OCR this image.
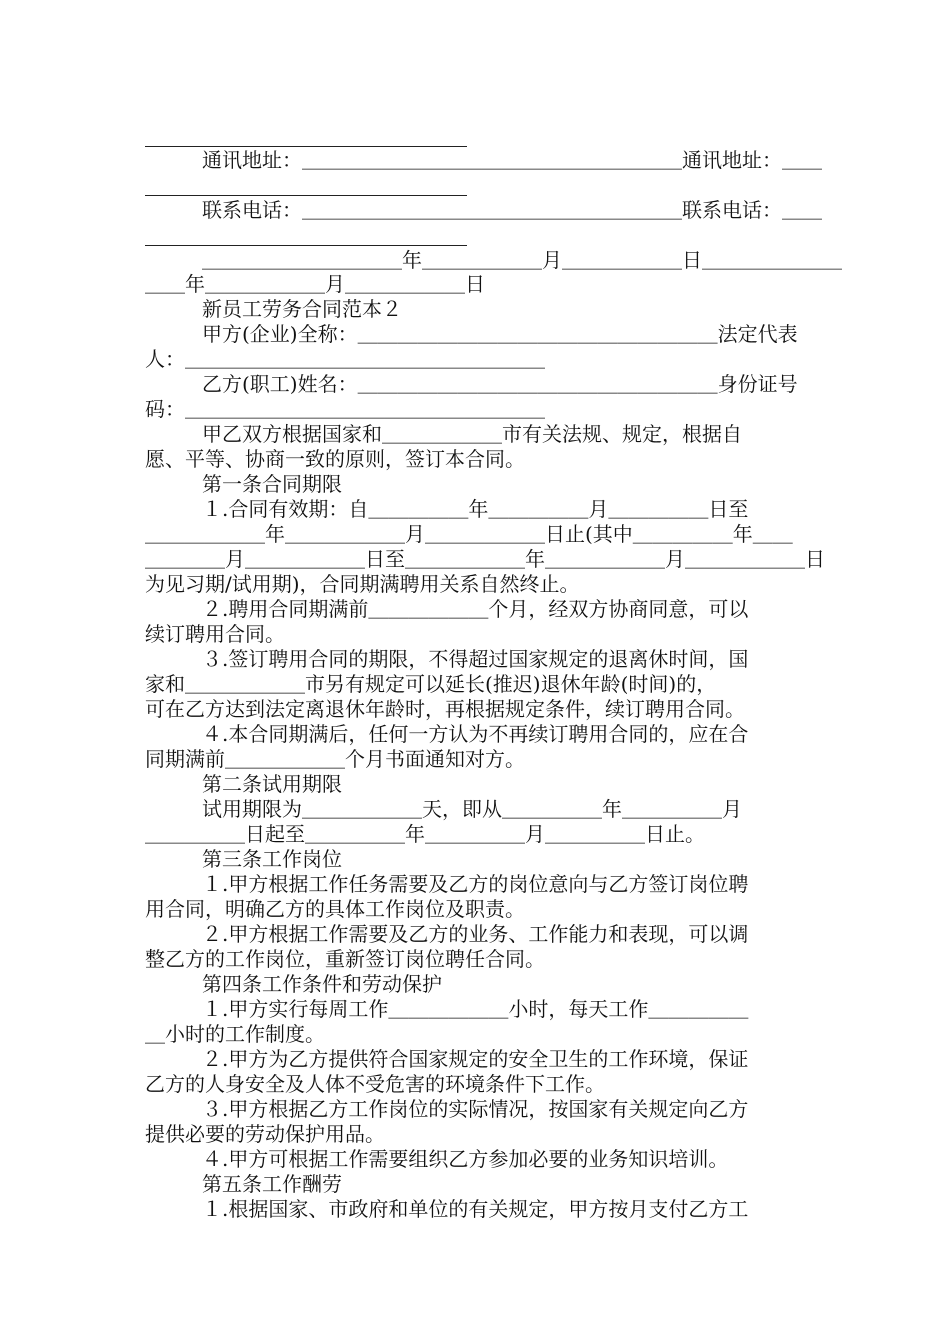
通讯地址：＿＿＿＿＿＿＿＿＿＿＿＿＿＿＿＿＿＿＿通讯地址：＿＿
联系电话：＿＿＿＿＿＿＿＿＿＿＿＿＿＿＿＿＿＿＿联系电话：＿＿
＿＿＿＿＿＿＿＿＿＿年＿＿＿＿＿＿月＿＿＿＿＿＿日＿＿＿＿＿＿＿
＿＿年＿＿＿＿＿＿月＿＿＿＿＿＿日
新员工劳务合同范本２
甲方(企业)全称：＿＿＿＿＿＿＿＿＿＿＿＿＿＿＿＿＿＿法定代表
人：＿＿＿＿＿＿＿＿＿＿＿＿＿＿＿＿＿＿
乙方(职工)姓名：＿＿＿＿＿＿＿＿＿＿＿＿＿＿＿＿＿＿身份证号
码：＿＿＿＿＿＿＿＿＿＿＿＿＿＿＿＿＿＿
甲乙双方根据国家和＿＿＿＿＿＿市有关法规、规定，根据自
愿、平等、协商一致的原则，签订本合同。
第一条合同期限
１.合同有效期：自＿＿＿＿＿年＿＿＿＿＿月＿＿＿＿＿日至
＿＿＿＿＿＿年＿＿＿＿＿＿月＿＿＿＿＿＿日止(其中＿＿＿＿＿年＿＿
＿＿＿＿月＿＿＿＿＿＿日至＿＿＿＿＿＿年＿＿＿＿＿＿月＿＿＿＿＿＿日
为见习期/试用期)，合同期满聘用关系自然终止。
２.聘用合同期满前＿＿＿＿＿＿个月，经双方协商同意，可以
续订聘用合同。
３.签订聘用合同的期限，不得超过国家规定的退离休时间，国
家和＿＿＿＿＿＿市另有规定可以延长(推迟)退休年龄(时间)的，
可在乙方达到法定离退休年龄时，再根据规定条件，续订聘用合同。
４.本合同期满后，任何一方认为不再续订聘用合同的，应在合
同期满前＿＿＿＿＿＿个月书面通知对方。
第二条试用期限
试用期限为＿＿＿＿＿＿天，即从＿＿＿＿＿年＿＿＿＿＿月
＿＿＿＿＿日起至＿＿＿＿＿年＿＿＿＿＿月＿＿＿＿＿日止。
第三条工作岗位
１.甲方根据工作任务需要及乙方的岗位意向与乙方签订岗位聘
用合同，明确乙方的具体工作岗位及职责。
２.甲方根据工作需要及乙方的业务、工作能力和表现，可以调
整乙方的工作岗位，重新签订岗位聘任合同。
第四条工作条件和劳动保护
１.甲方实行每周工作＿＿＿＿＿＿小时，每天工作＿＿＿＿＿
＿小时的工作制度。
２.甲方为乙方提供符合国家规定的安全卫生的工作环境，保证
乙方的人身安全及人体不受危害的环境条件下工作。
３.甲方根据乙方工作岗位的实际情况，按国家有关规定向乙方
提供必要的劳动保护用品。
４.甲方可根据工作需要组织乙方参加必要的业务知识培训。
第五条工作酬劳
１.根据国家、市政府和单位的有关规定，甲方按月支付乙方工
